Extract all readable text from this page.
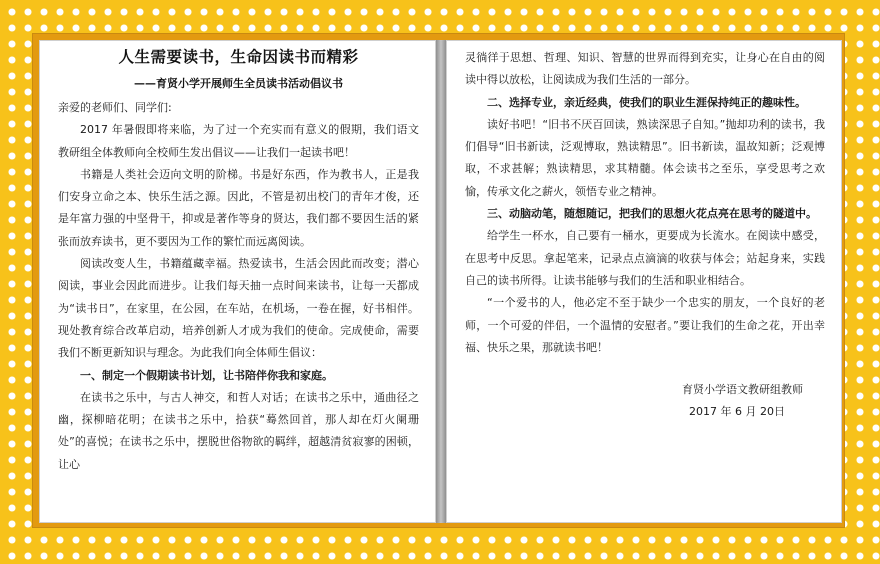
人生需要读书，生命因读书而精彩
——育贤小学开展师生全员读书活动倡议书
亲爱的老师们、同学们:

2017 年暑假即将来临，为了过一个充实而有意义的假期，我们语文教研组全体教师向全校师生发出倡议——让我们一起读书吧！

书籍是人类社会迈向文明的阶梯。书是好东西，作为教书人，正是我们安身立命之本、快乐生活之源。因此，不管是初出校门的青年才俊，还是年富力强的中坚骨干，抑或是著作等身的贤达，我们都不要因生活的紧张而放弃读书，更不要因为工作的繁忙而远离阅读。

阅读改变人生，书籍蕴藏幸福。热爱读书，生活会因此而改变；潜心阅读，事业会因此而进步。让我们每天抽一点时间来读书，让每一天都成为“读书日”，在家里，在公园，在车站，在机场，一卷在握，好书相伴。现处教育综合改革启动，培养创新人才成为我们的使命。完成使命，需要我们不断更新知识与理念。为此我们向全体师生倡议：

一、制定一个假期读书计划，让书陪伴你我和家庭。

在读书之乐中，与古人神交，和哲人对话；在读书之乐中，通曲径之幽，探柳暗花明；在读书之乐中，拾获“蓦然回首，那人却在灯火阑珊处”的喜悦；在读书之乐中，摆脱世俗物欲的羁绊，超越清贫寂寥的困顿，让心

灵徜徉于思想、哲理、知识、智慧的世界而得到充实，让身心在自由的阅读中得以放松，让阅读成为我们生活的一部分。

二、选择专业，亲近经典，使我们的职业生涯保持纯正的趣味性。

读好书吧！“旧书不厌百回读，熟读深思子自知。”抛却功利的读书，我们倡导“旧书新读，泛观博取，熟读精思”。旧书新读，温故知新；泛观博取，不求甚解；熟读精思，求其精髓。体会读书之至乐，享受思考之欢愉，传承文化之薪火，领悟专业之精神。

三、动脑动笔，随想随记，把我们的思想火花点亮在思考的隧道中。

给学生一杯水，自己要有一桶水，更要成为长流水。在阅读中感受，在思考中反思。拿起笔来，记录点点滴滴的收获与体会；站起身来，实践自己的读书所得。让读书能够与我们的生活和职业相结合。

“一个爱书的人，他必定不至于缺少一个忠实的朋友，一个良好的老师，一个可爱的伴侣，一个温情的安慰者。”要让我们的生命之花，开出幸福、快乐之果，那就读书吧！

育贤小学语文教研组教师
2017 年 6 月 20日
